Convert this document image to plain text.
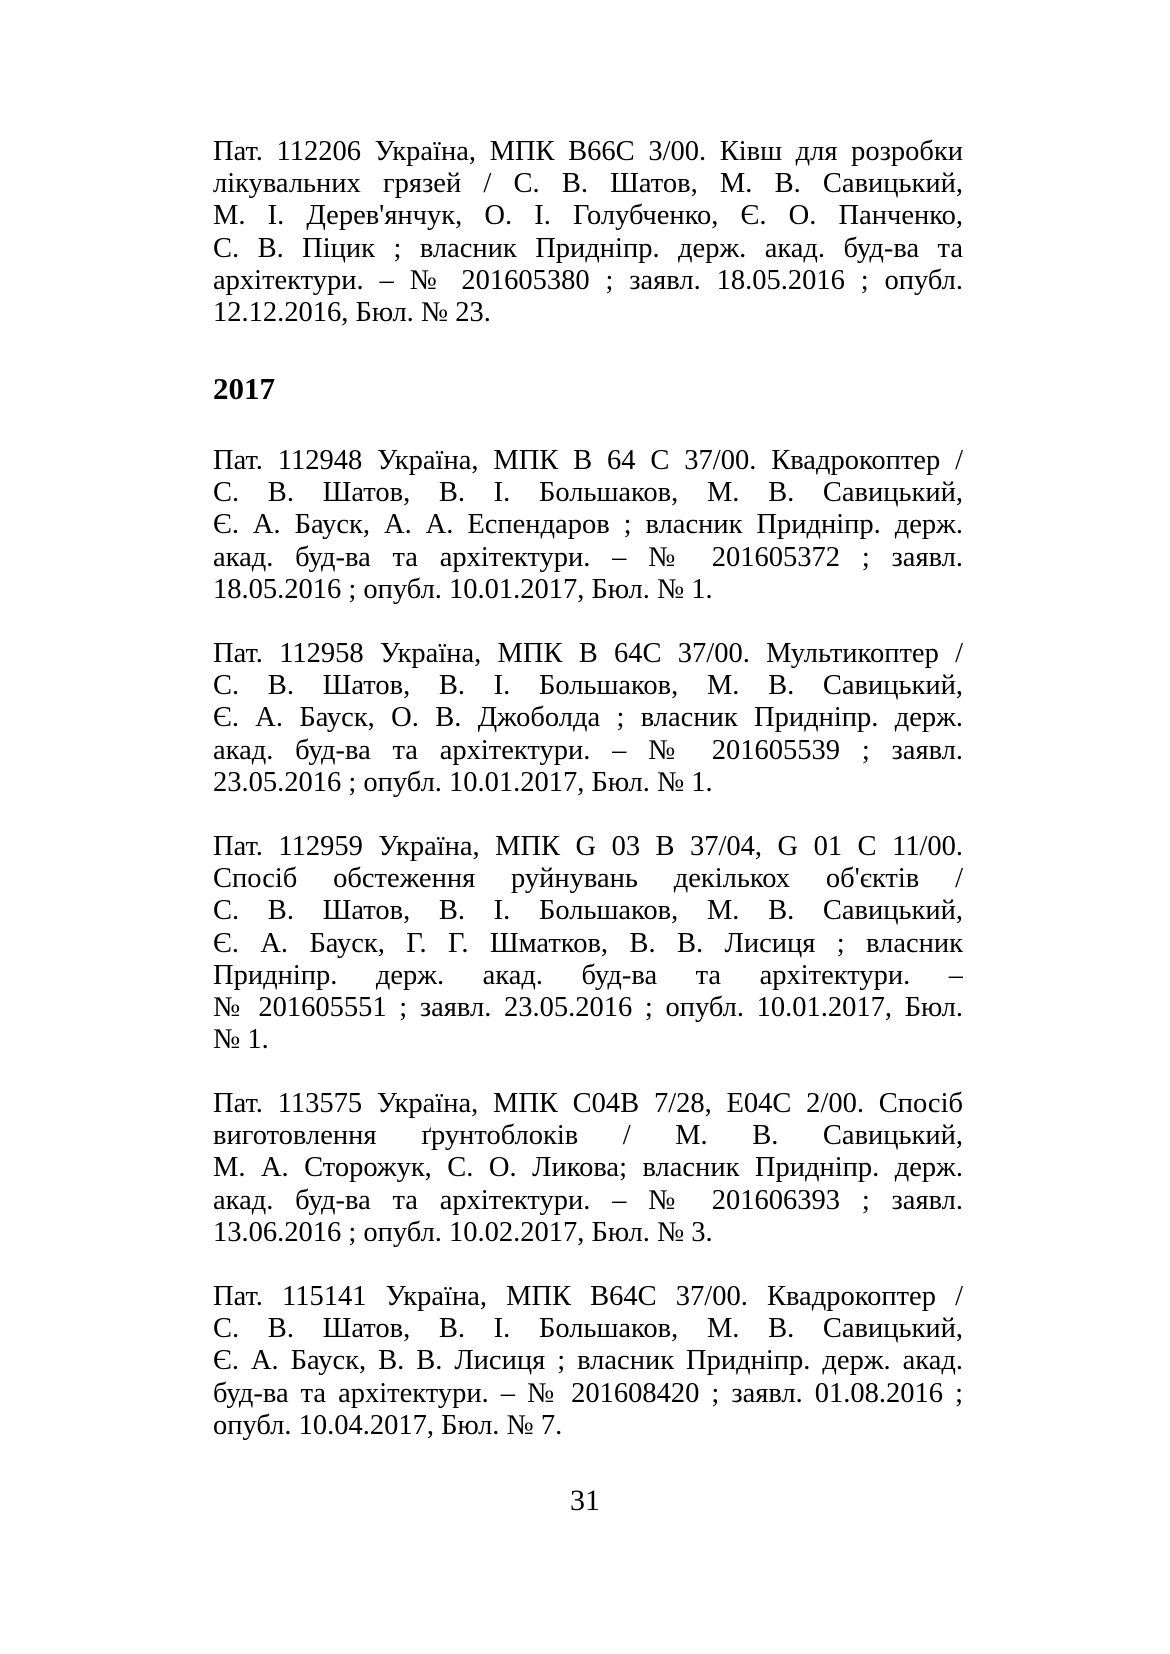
Пат. 112206 Україна, МПК B66C 3/00. Ківш для розробки
лікувальних грязей / С. В. Шатов, М. В. Савицький,
М. І. Дерев'янчук, О. І. Голубченко, Є. О. Панченко,
С. В. Піцик ; власник Придніпр. держ. акад. буд-ва та
архітектури. – № 201605380 ; заявл. 18.05.2016 ; опубл.
12.12.2016, Бюл. № 23.

2017

Пат. 112948 Україна, МПК B 64 C 37/00. Квадрокоптер /
С. В. Шатов, В. І. Большаков, М. В. Савицький,
Є. А. Бауск, А. А. Еспендаров ; власник Придніпр. держ.
акад. буд-ва та архітектури. – № 201605372 ; заявл.
18.05.2016 ; опубл. 10.01.2017, Бюл. № 1.

Пат. 112958 Україна, МПК B 64C 37/00. Мультикоптер /
С. В. Шатов, В. І. Большаков, М. В. Савицький,
Є. А. Бауск, О. В. Джоболда ; власник Придніпр. держ.
акад. буд-ва та архітектури. – № 201605539 ; заявл.
23.05.2016 ; опубл. 10.01.2017, Бюл. № 1.

Пат. 112959 Україна, МПК G 03 B 37/04, G 01 C 11/00.
Спосіб обстеження руйнувань декількох об'єктів /
С. В. Шатов, В. І. Большаков, М. В. Савицький,
Є. А. Бауск, Г. Г. Шматков, В. В. Лисиця ; власник
Придніпр. держ. акад. буд-ва та архітектури. –
№ 201605551 ; заявл. 23.05.2016 ; опубл. 10.01.2017, Бюл.
№ 1.

Пат. 113575 Україна, МПК C04B 7/28, E04C 2/00. Спосіб
виготовлення ґрунтоблоків / М. В. Савицький,
М. А. Сторожук, С. О. Ликова; власник Придніпр. держ.
акад. буд-ва та архітектури. – № 201606393 ; заявл.
13.06.2016 ; опубл. 10.02.2017, Бюл. № 3.

Пат. 115141 Україна, МПК B64C 37/00. Квадрокоптер /
С. В. Шатов, В. І. Большаков, М. В. Савицький,
Є. А. Бауск, В. В. Лисиця ; власник Придніпр. держ. акад.
буд-ва та архітектури. – № 201608420 ; заявл. 01.08.2016 ;
опубл. 10.04.2017, Бюл. № 7.

31
